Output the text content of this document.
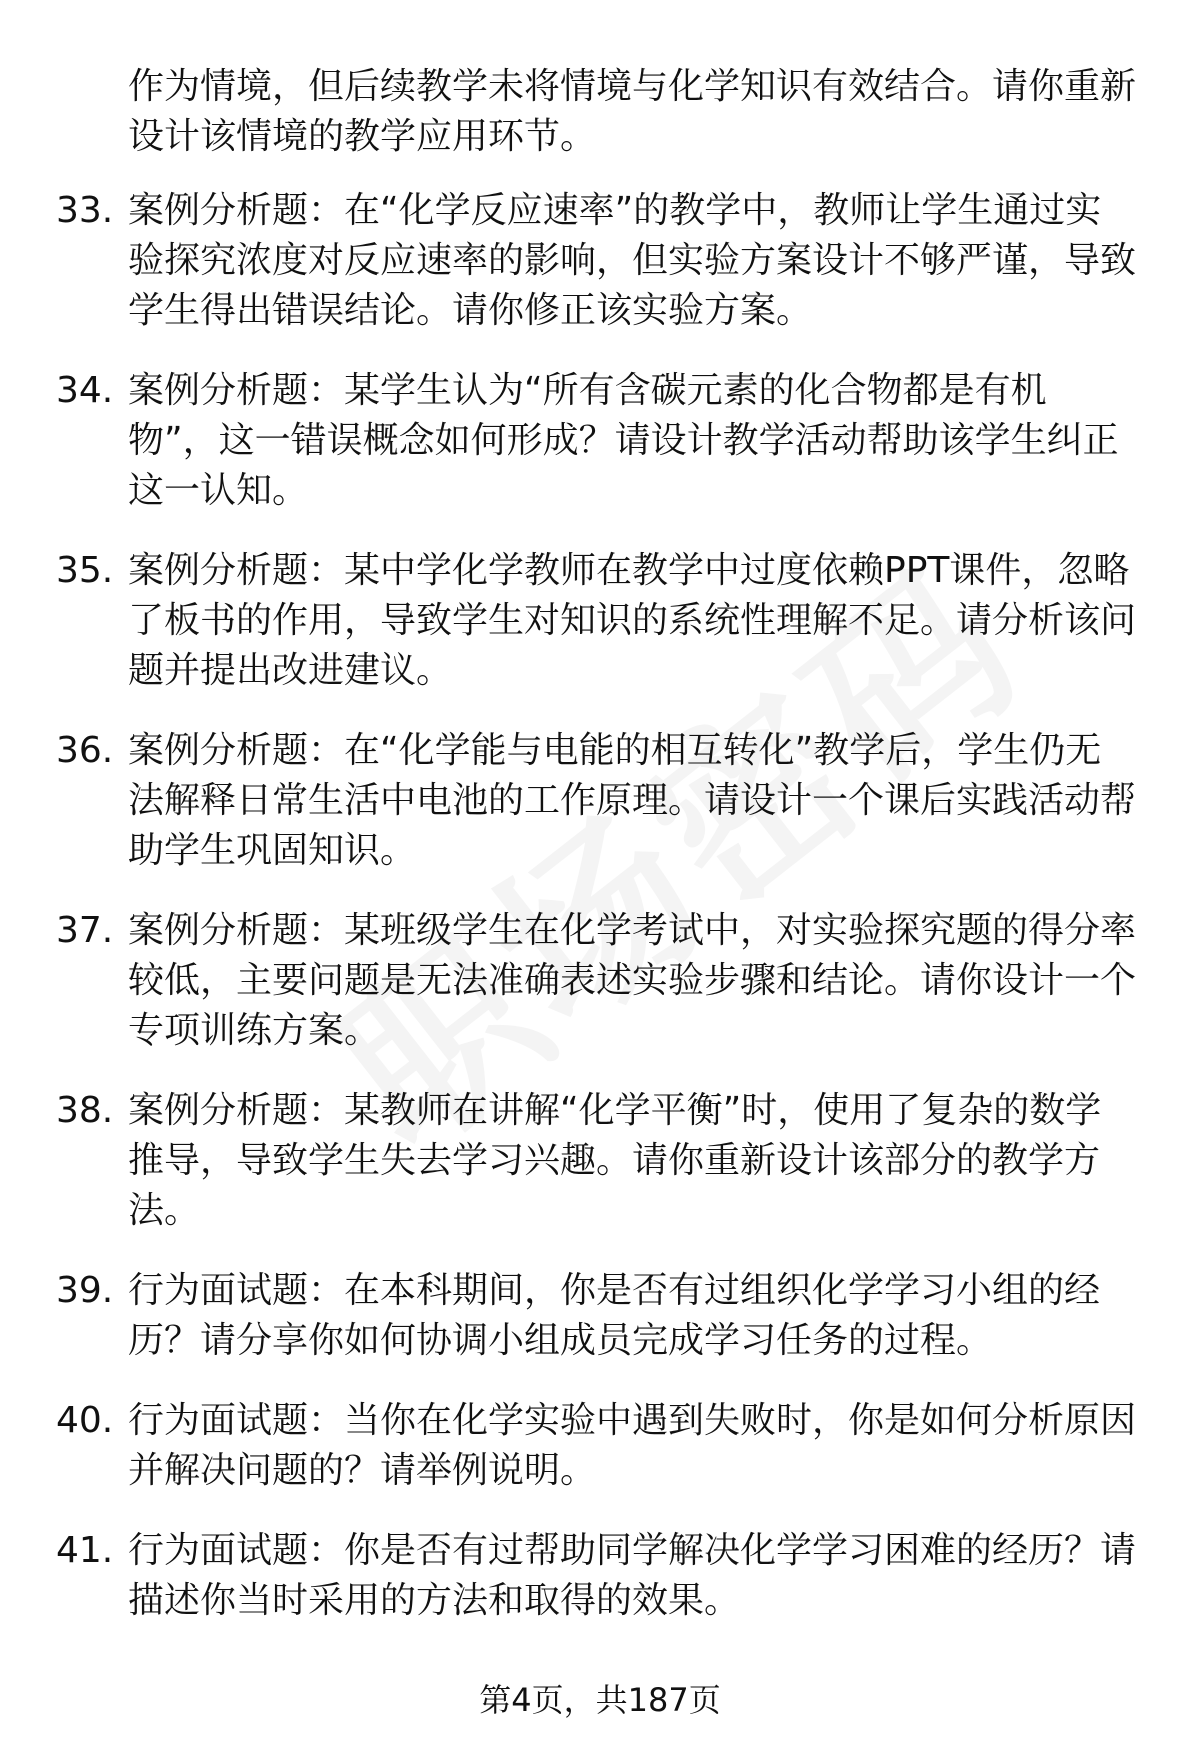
作为情境，但后续教学未将情境与化学知识有效结合。请你重新
设计该情境的教学应用环节。
33. 案例分析题：在“化学反应速率”的教学中，教师让学生通过实
验探究浓度对反应速率的影响，但实验方案设计不够严谨，导致
学生得出错误结论。请你修正该实验方案。
34. 案例分析题：某学生认为“所有含碳元素的化合物都是有机
物”，这一错误概念如何形成？请设计教学活动帮助该学生纠正
这一认知。
35. 案例分析题：某中学化学教师在教学中过度依赖PPT课件，忽略
了板书的作用，导致学生对知识的系统性理解不足。请分析该问
题并提出改进建议。
36. 案例分析题：在“化学能与电能的相互转化”教学后，学生仍无
法解释日常生活中电池的工作原理。请设计一个课后实践活动帮
助学生巩固知识。
37. 案例分析题：某班级学生在化学考试中，对实验探究题的得分率
较低，主要问题是无法准确表述实验步骤和结论。请你设计一个
专项训练方案。
38. 案例分析题：某教师在讲解“化学平衡”时，使用了复杂的数学
推导，导致学生失去学习兴趣。请你重新设计该部分的教学方
法。
39. 行为面试题：在本科期间，你是否有过组织化学学习小组的经
历？请分享你如何协调小组成员完成学习任务的过程。
40. 行为面试题：当你在化学实验中遇到失败时，你是如何分析原因
并解决问题的？请举例说明。
41. 行为面试题：你是否有过帮助同学解决化学学习困难的经历？请
描述你当时采用的方法和取得的效果。
第4页，共187页
